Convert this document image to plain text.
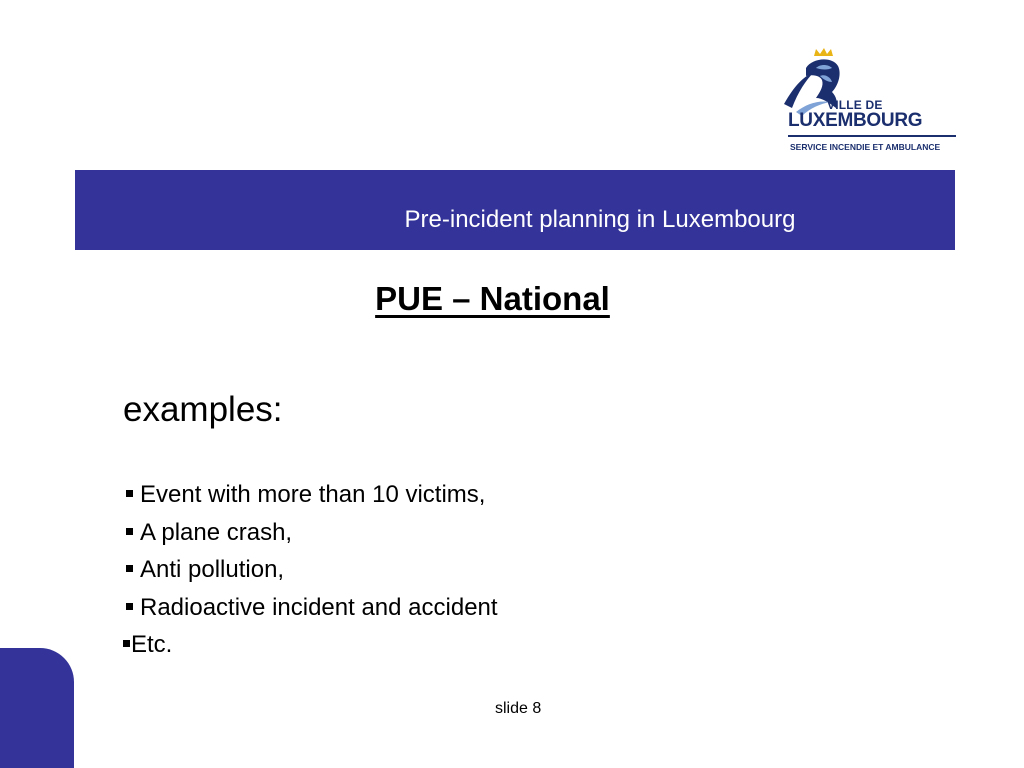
VILLE DE
LUXEMBOURG
SERVICE INCENDIE ET AMBULANCE
Pre-incident planning in Luxembourg
PUE – National
examples:
Event with more than 10 victims,
A plane crash,
Anti pollution,
Radioactive incident and accident
Etc.
slide 8
